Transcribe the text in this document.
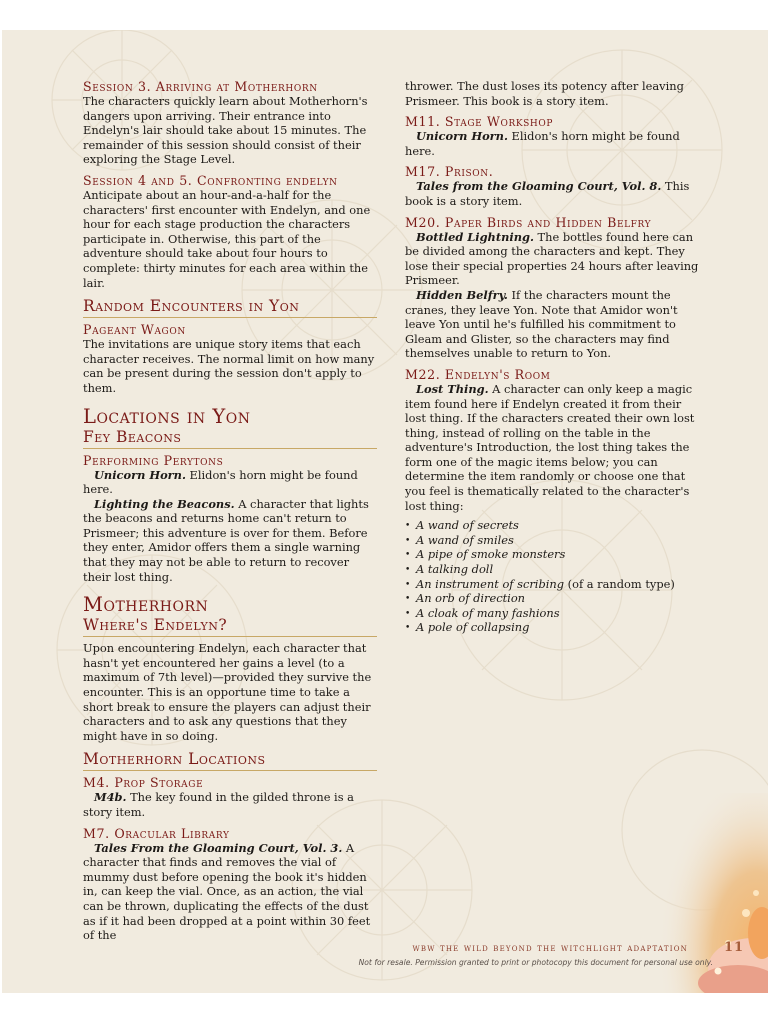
Session 3. Arriving at Motherhorn

The characters quickly learn about Motherhorn's dangers upon arriving. Their entrance into Endelyn's lair should take about 15 minutes. The remainder of this session should consist of their exploring the Stage Level.

Session 4 and 5. Confronting endelyn

Anticipate about an hour-and-a-half for the characters' first encounter with Endelyn, and one hour for each stage production the characters participate in. Otherwise, this part of the adventure should take about four hours to complete: thirty minutes for each area within the lair.

Random Encounters in Yon
Pageant Wagon

The invitations are unique story items that each character receives. The normal limit on how many can be present during the session don't apply to them.

Locations in Yon
Fey Beacons
Performing Perytons

Unicorn Horn. Elidon's horn might be found here.

Lighting the Beacons. A character that lights the beacons and returns home can't return to Prismeer; this adventure is over for them. Before they enter, Amidor offers them a single warning that they may not be able to return to recover their lost thing.

Motherhorn
Where's Endelyn?

Upon encountering Endelyn, each character that hasn't yet encountered her gains a level (to a maximum of 7th level)—provided they survive the encounter. This is an opportune time to take a short break to ensure the players can adjust their characters and to ask any questions that they might have in so doing.

Motherhorn Locations
M4. Prop Storage

M4b. The key found in the gilded throne is a story item.

M7. Oracular Library

Tales From the Gloaming Court, Vol. 3. A character that finds and removes the vial of mummy dust before opening the book it's hidden in, can keep the vial. Once, as an action, the vial can be thrown, duplicating the effects of the dust as if it had been dropped at a point within 30 feet of the

thrower. The dust loses its potency after leaving Prismeer. This book is a story item.

M11. Stage Workshop

Unicorn Horn. Elidon's horn might be found here.

M17. Prison.

Tales from the Gloaming Court, Vol. 8. This book is a story item.

M20. Paper Birds and Hidden Belfry

Bottled Lightning. The bottles found here can be divided among the characters and kept. They lose their special properties 24 hours after leaving Prismeer.

Hidden Belfry. If the characters mount the cranes, they leave Yon. Note that Amidor won't leave Yon until he's fulfilled his commitment to Gleam and Glister, so the characters may find themselves unable to return to Yon.

M22. Endelyn's Room

Lost Thing. A character can only keep a magic item found here if Endelyn created it from their lost thing. If the characters created their own lost thing, instead of rolling on the table in the adventure's Introduction, the lost thing takes the form one of the magic items below; you can determine the item randomly or choose one that you feel is thematically related to the character's lost thing:

• A wand of secrets
• A wand of smiles
• A pipe of smoke monsters
• A talking doll
• An instrument of scribing (of a random type)
• An orb of direction
• A cloak of many fashions
• A pole of collapsing
wbw the wild beyond the witchlight adaptation	11
Not for resale. Permission granted to print or photocopy this document for personal use only.
